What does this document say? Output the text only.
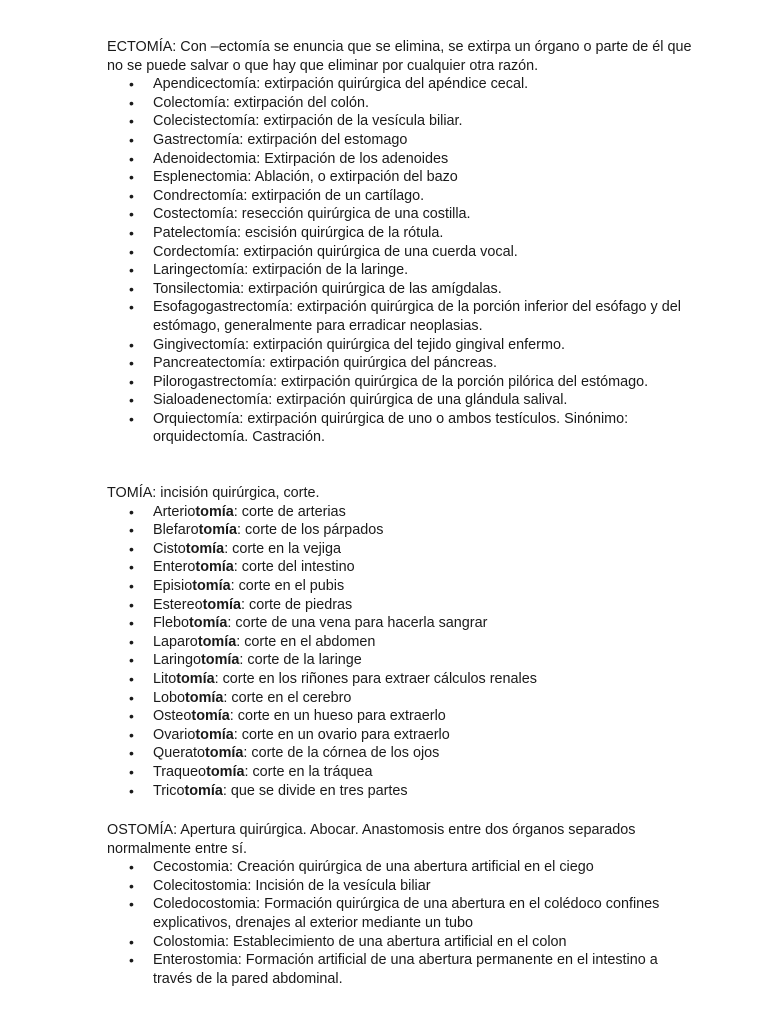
ECTOMÍA: Con –ectomía se enuncia que se elimina, se extirpa un órgano o parte de él que no se puede salvar o que hay que eliminar por cualquier otra razón.

• Apendicectomía: extirpación quirúrgica del apéndice cecal.
• Colectomía: extirpación del colón.
• Colecistectomía: extirpación de la vesícula biliar.
• Gastrectomía: extirpación del estomago
• Adenoidectomia: Extirpación de los adenoides
• Esplenectomia: Ablación, o extirpación del bazo
• Condrectomía: extirpación de un cartílago.
• Costectomía: resección quirúrgica de una costilla.
• Patelectomía: escisión quirúrgica de la rótula.
• Cordectomía: extirpación quirúrgica de una cuerda vocal.
• Laringectomía: extirpación de la laringe.
• Tonsilectomia: extirpación quirúrgica de las amígdalas.
• Esofagogastrectomía: extirpación quirúrgica de la porción inferior del esófago y del estómago, generalmente para erradicar neoplasias.
• Gingivectomía: extirpación quirúrgica del tejido gingival enfermo.
• Pancreatectomía: extirpación quirúrgica del páncreas.
• Pilorogastrectomía: extirpación quirúrgica de la porción pilórica del estómago.
• Sialoadenectomía: extirpación quirúrgica de una glándula salival.
• Orquiectomía: extirpación quirúrgica de uno o ambos testículos. Sinónimo: orquidectomía. Castración.

TOMÍA: incisión quirúrgica, corte.

• Arteriotomía: corte de arterias
• Blefarotomía: corte de los párpados
• Cistotomía: corte en la vejiga
• Enterotomía: corte del intestino
• Episiotomía: corte en el pubis
• Estereotomía: corte de piedras
• Flebotomía: corte de una vena para hacerla sangrar
• Laparotomía: corte en el abdomen
• Laringotomía: corte de la laringe
• Litotomía: corte en los riñones para extraer cálculos renales
• Lobotomía: corte en el cerebro
• Osteotomía: corte en un hueso para extraerlo
• Ovariotomía: corte en un ovario para extraerlo
• Queratotomía: corte de la córnea de los ojos
• Traqueotomía: corte en la tráquea
• Tricotomía: que se divide en tres partes

OSTOMÍA: Apertura quirúrgica. Abocar. Anastomosis entre dos órganos separados normalmente entre sí.

• Cecostomia: Creación quirúrgica de una abertura artificial en el ciego
• Colecitostomia: Incisión de la vesícula biliar
• Coledocostomia: Formación quirúrgica de una abertura en el colédoco confines explicativos, drenajes al exterior mediante un tubo
• Colostomia: Establecimiento de una abertura artificial en el colon
• Enterostomia: Formación artificial de una abertura permanente en el intestino a través de la pared abdominal.
